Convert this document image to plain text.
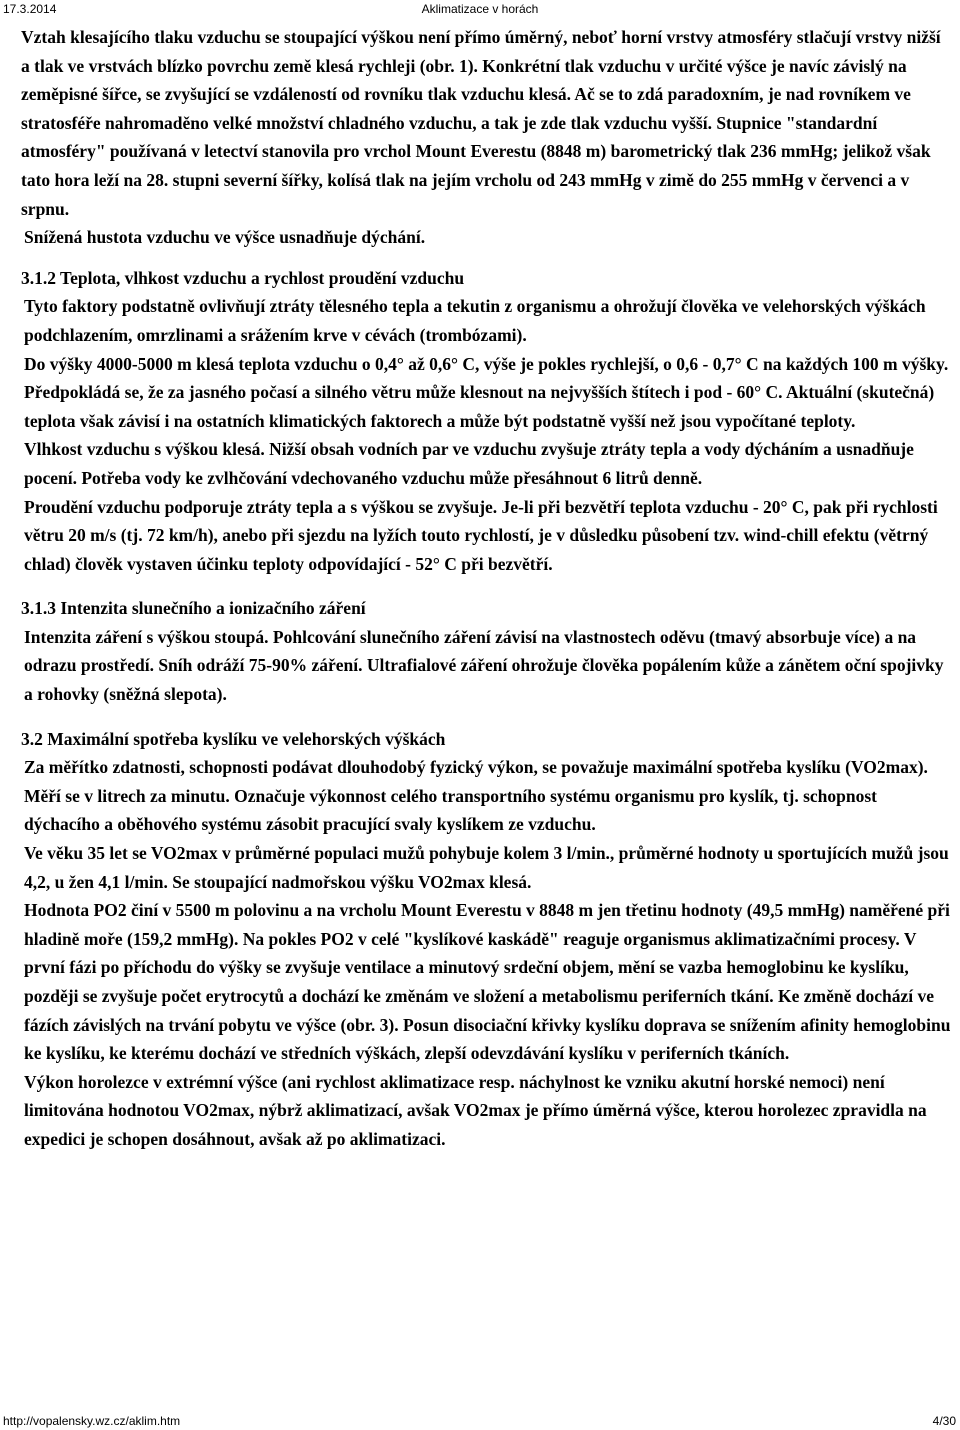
17.3.2014	Aklimatizace v horách

Vztah klesajícího tlaku vzduchu se stoupající výškou není přímo úměrný, neboť horní vrstvy atmosféry stlačují vrstvy nižší a tlak ve vrstvách blízko povrchu země klesá rychleji (obr. 1). Konkrétní tlak vzduchu v určité výšce je navíc závislý na zeměpisné šířce, se zvyšující se vzdáleností od rovníku tlak vzduchu klesá. Ač se to zdá paradoxním, je nad rovníkem ve stratosféře nahromaděno velké množství chladného vzduchu, a tak je zde tlak vzduchu vyšší. Stupnice "standardní atmosféry" používaná v letectví stanovila pro vrchol Mount Everestu (8848 m) barometrický tlak 236 mmHg; jelikož však tato hora leží na 28. stupni severní šířky, kolísá tlak na jejím vrcholu od 243 mmHg v zimě do 255 mmHg v červenci a v srpnu.

Snížená hustota vzduchu ve výšce usnadňuje dýchání.

3.1.2 Teplota, vlhkost vzduchu a rychlost proudění vzduchu

Tyto faktory podstatně ovlivňují ztráty tělesného tepla a tekutin z organismu a ohrožují člověka ve velehorských výškách podchlazením, omrzlinami a srážením krve v cévách (trombózami).

Do výšky 4000-5000 m klesá teplota vzduchu o 0,4° až 0,6° C, výše je pokles rychlejší, o 0,6 - 0,7° C na každých 100 m výšky. Předpokládá se, že za jasného počasí a silného větru může klesnout na nejvyšších štítech i pod - 60° C. Aktuální (skutečná) teplota však závisí i na ostatních klimatických faktorech a může být podstatně vyšší než jsou vypočítané teploty.

Vlhkost vzduchu s výškou klesá. Nižší obsah vodních par ve vzduchu zvyšuje ztráty tepla a vody dýcháním a usnadňuje pocení. Potřeba vody ke zvlhčování vdechovaného vzduchu může přesáhnout 6 litrů denně.

Proudění vzduchu podporuje ztráty tepla a s výškou se zvyšuje. Je-li při bezvětří teplota vzduchu - 20° C, pak při rychlosti větru 20 m/s (tj. 72 km/h), anebo při sjezdu na lyžích touto rychlostí, je v důsledku působení tzv. wind-chill efektu (větrný chlad) člověk vystaven účinku teploty odpovídající - 52° C při bezvětří.

3.1.3 Intenzita slunečního a ionizačního záření

Intenzita záření s výškou stoupá. Pohlcování slunečního záření závisí na vlastnostech oděvu (tmavý absorbuje více) a na odrazu prostředí. Sníh odráží 75-90% záření. Ultrafialové záření ohrožuje člověka popálením kůže a zánětem oční spojivky a rohovky (sněžná slepota).

3.2 Maximální spotřeba kyslíku ve velehorských výškách

Za měřítko zdatnosti, schopnosti podávat dlouhodobý fyzický výkon, se považuje maximální spotřeba kyslíku (VO2max). Měří se v litrech za minutu. Označuje výkonnost celého transportního systému organismu pro kyslík, tj. schopnost dýchacího a oběhového systému zásobit pracující svaly kyslíkem ze vzduchu.

Ve věku 35 let se VO2max v průměrné populaci mužů pohybuje kolem 3 l/min., průměrné hodnoty u sportujících mužů jsou 4,2, u žen 4,1 l/min. Se stoupající nadmořskou výšku VO2max klesá.

Hodnota PO2 činí v 5500 m polovinu a na vrcholu Mount Everestu v 8848 m jen třetinu hodnoty (49,5 mmHg) naměřené při hladině moře (159,2 mmHg). Na pokles PO2 v celé "kyslíkové kaskádě" reaguje organismus aklimatizačními procesy. V první fázi po příchodu do výšky se zvyšuje ventilace a minutový srdeční objem, mění se vazba hemoglobinu ke kyslíku, později se zvyšuje počet erytrocytů a dochází ke změnám ve složení a metabolismu periferních tkání. Ke změně dochází ve fázích závislých na trvání pobytu ve výšce (obr. 3). Posun disociační křivky kyslíku doprava se snížením afinity hemoglobinu ke kyslíku, ke kterému dochází ve středních výškách, zlepší odevzdávání kyslíku v periferních tkáních.

Výkon horolezce v extrémní výšce (ani rychlost aklimatizace resp. náchylnost ke vzniku akutní horské nemoci) není limitována hodnotou VO2max, nýbrž aklimatizací, avšak VO2max je přímo úměrná výšce, kterou horolezec zpravidla na expedici je schopen dosáhnout, avšak až po aklimatizaci.

http://vopalensky.wz.cz/aklim.htm	4/30
